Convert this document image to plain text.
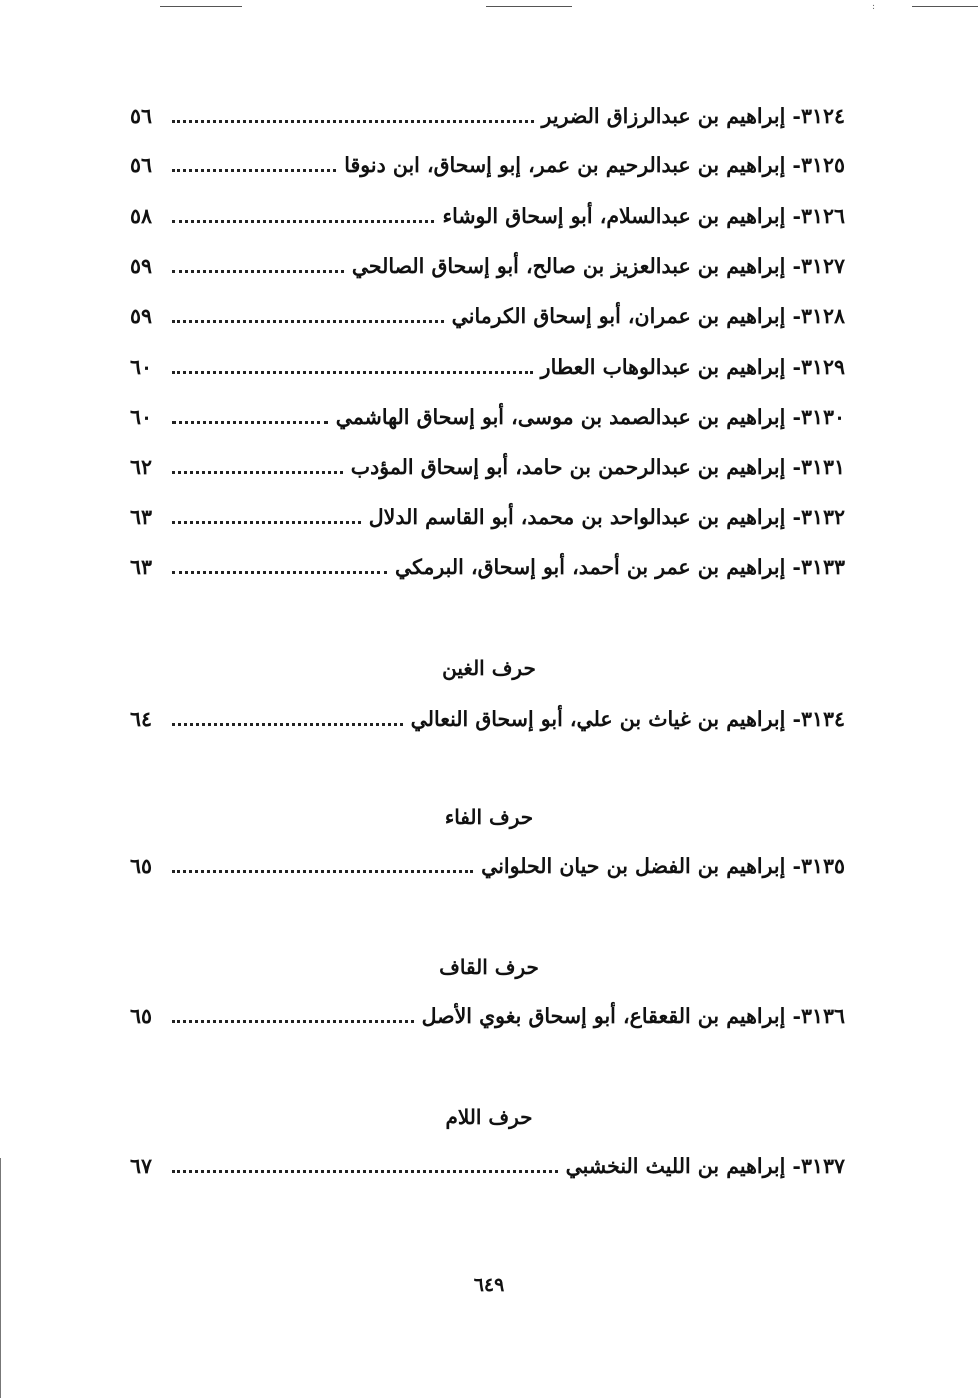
:
٣١٢٤- إبراهيم بن عبدالرزاق الضرير
٥٦
٣١٢٥- إبراهيم بن عبدالرحيم بن عمر، إبو إسحاق، ابن دنوقا
٥٦
٣١٢٦- إبراهيم بن عبدالسلام، أبو إسحاق الوشاء
٥٨
٣١٢٧- إبراهيم بن عبدالعزيز بن صالح، أبو إسحاق الصالحي
٥٩
٣١٢٨- إبراهيم بن عمران، أبو إسحاق الكرماني
٥٩
٣١٢٩- إبراهيم بن عبدالوهاب العطار
٦٠
٣١٣٠- إبراهيم بن عبدالصمد بن موسى، أبو إسحاق الهاشمي
٦٠
٣١٣١- إبراهيم بن عبدالرحمن بن حامد، أبو إسحاق المؤدب
٦٢
٣١٣٢- إبراهيم بن عبدالواحد بن محمد، أبو القاسم الدلال
٦٣
٣١٣٣- إبراهيم بن عمر بن أحمد، أبو إسحاق، البرمكي
٦٣
حرف الغين
٣١٣٤- إبراهيم بن غياث بن علي، أبو إسحاق النعالي
٦٤
حرف الفاء
٣١٣٥- إبراهيم بن الفضل بن حيان الحلواني
٦٥
حرف القاف
٣١٣٦- إبراهيم بن القعقاع، أبو إسحاق بغوي الأصل
٦٥
حرف اللام
٣١٣٧- إبراهيم بن الليث النخشبي
٦٧
٦٤٩
